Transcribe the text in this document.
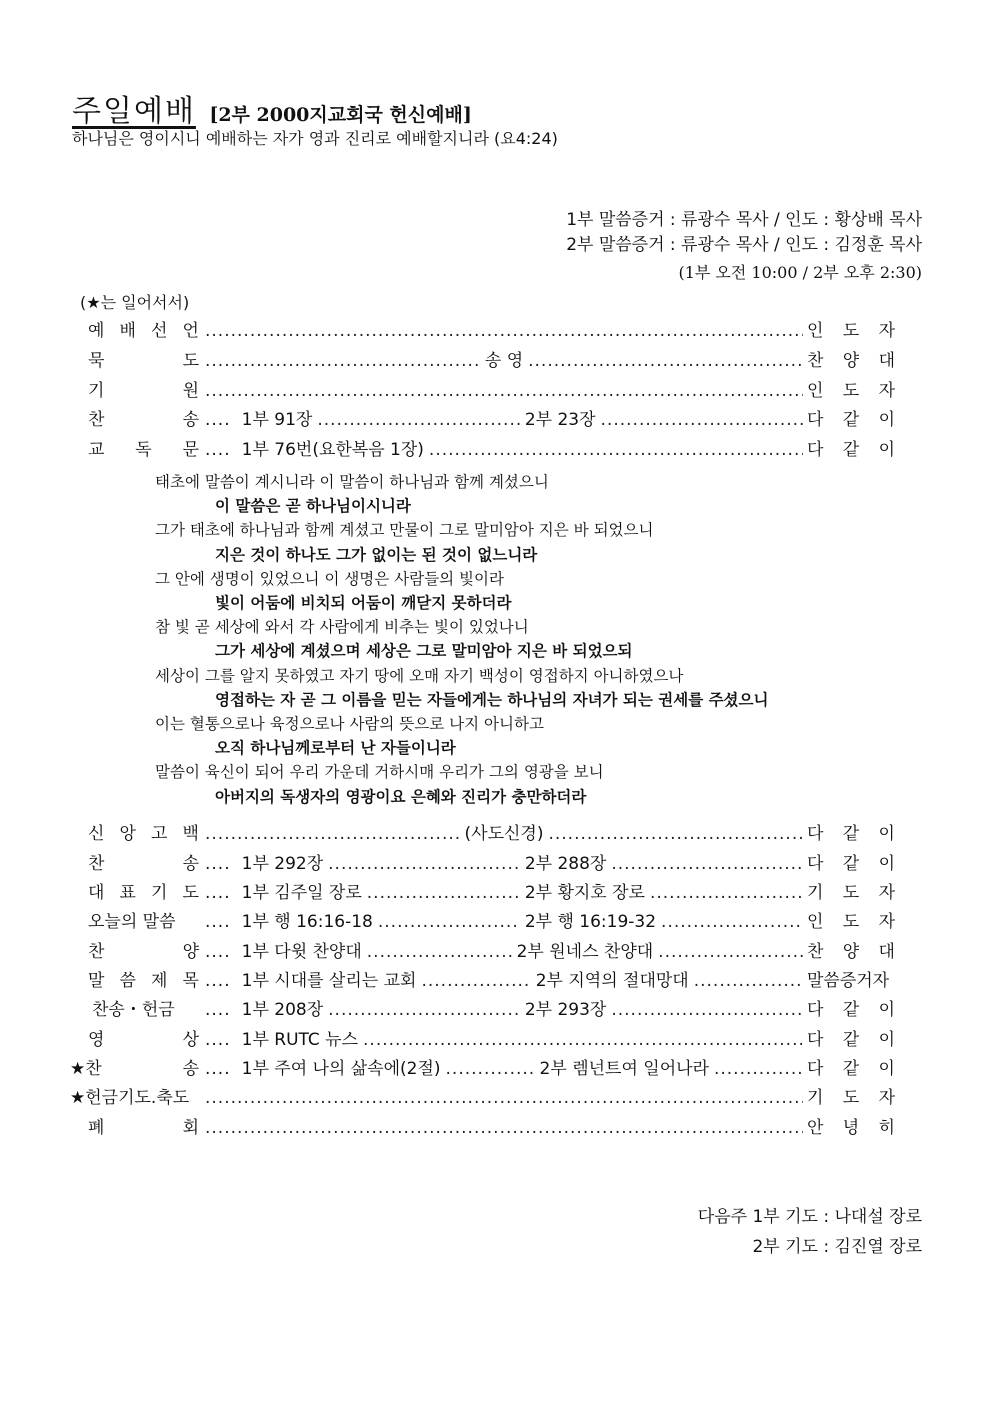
주일예배 [2부 2000지교회국 헌신예배]
하나님은 영이시니 예배하는 자가 영과 진리로 예배할지니라 (요4:24)
1부 말씀증거 : 류광수 목사 / 인도 : 황상배 목사
2부 말씀증거 : 류광수 목사 / 인도 : 김정훈 목사
(1부 오전 10:00 / 2부 오후 2:30)
(★는 일어서서)
예 배 선 언 .....	인 도 자
묵	도 .....	송 영 .....	찬 양 대
기	원 .....	인 도 자
찬	송 .... 1부 91장 .....	2부 23장 .....	다 같 이
교 독 문 .... 1부 76번(요한복음 1장) .....	다 같 이
태초에 말씀이 계시니라 이 말씀이 하나님과 함께 계셨으니
이 말씀은 곧 하나님이시니라
그가 태초에 하나님과 함께 계셨고 만물이 그로 말미암아 지은 바 되었으니
지은 것이 하나도 그가 없이는 된 것이 없느니라
그 안에 생명이 있었으니 이 생명은 사람들의 빛이라
빛이 어둠에 비치되 어둠이 깨닫지 못하더라
참 빛 곧 세상에 와서 각 사람에게 비추는 빛이 있었나니
그가 세상에 계셨으며 세상은 그로 말미암아 지은 바 되었으되
세상이 그를 알지 못하였고 자기 땅에 오매 자기 백성이 영접하지 아니하였으나
영접하는 자 곧 그 이름을 믿는 자들에게는 하나님의 자녀가 되는 권세를 주셨으니
이는 혈통으로나 육정으로나 사람의 뜻으로 나지 아니하고
오직 하나님께로부터 난 자들이니라
말씀이 육신이 되어 우리 가운데 거하시매 우리가 그의 영광을 보니
아버지의 독생자의 영광이요 은혜와 진리가 충만하더라
신 앙 고 백 .....	(사도신경) .....	다 같 이
찬	송 .... 1부 292장 .....	2부 288장 .....	다 같 이
대 표 기 도 .... 1부 김주일 장로 .....	2부 황지호 장로 .....	기 도 자
오늘의 말씀 .... 1부 행 16:16-18 .....	2부 행 16:19-32 .....	인 도 자
찬	양 .... 1부 다윗 찬양대 .....	2부 원네스 찬양대 .....	찬 양 대
말 씀 제 목 .... 1부 시대를 살리는 교회 .....	2부 지역의 절대망대 .....	말씀증거자
찬송・헌금 .... 1부 208장 .....	2부 293장 .....	다 같 이
영	상 .... 1부 RUTC 뉴스 .....	다 같 이
★찬	송 .... 1부 주여 나의 삶속에(2절) .....	2부 렘넌트여 일어나라 .....	다 같 이
★헌금기도.축도 .....	기 도 자
폐	회 .....	안 녕 히
다음주 1부 기도 : 나대설 장로
2부 기도 : 김진열 장로
